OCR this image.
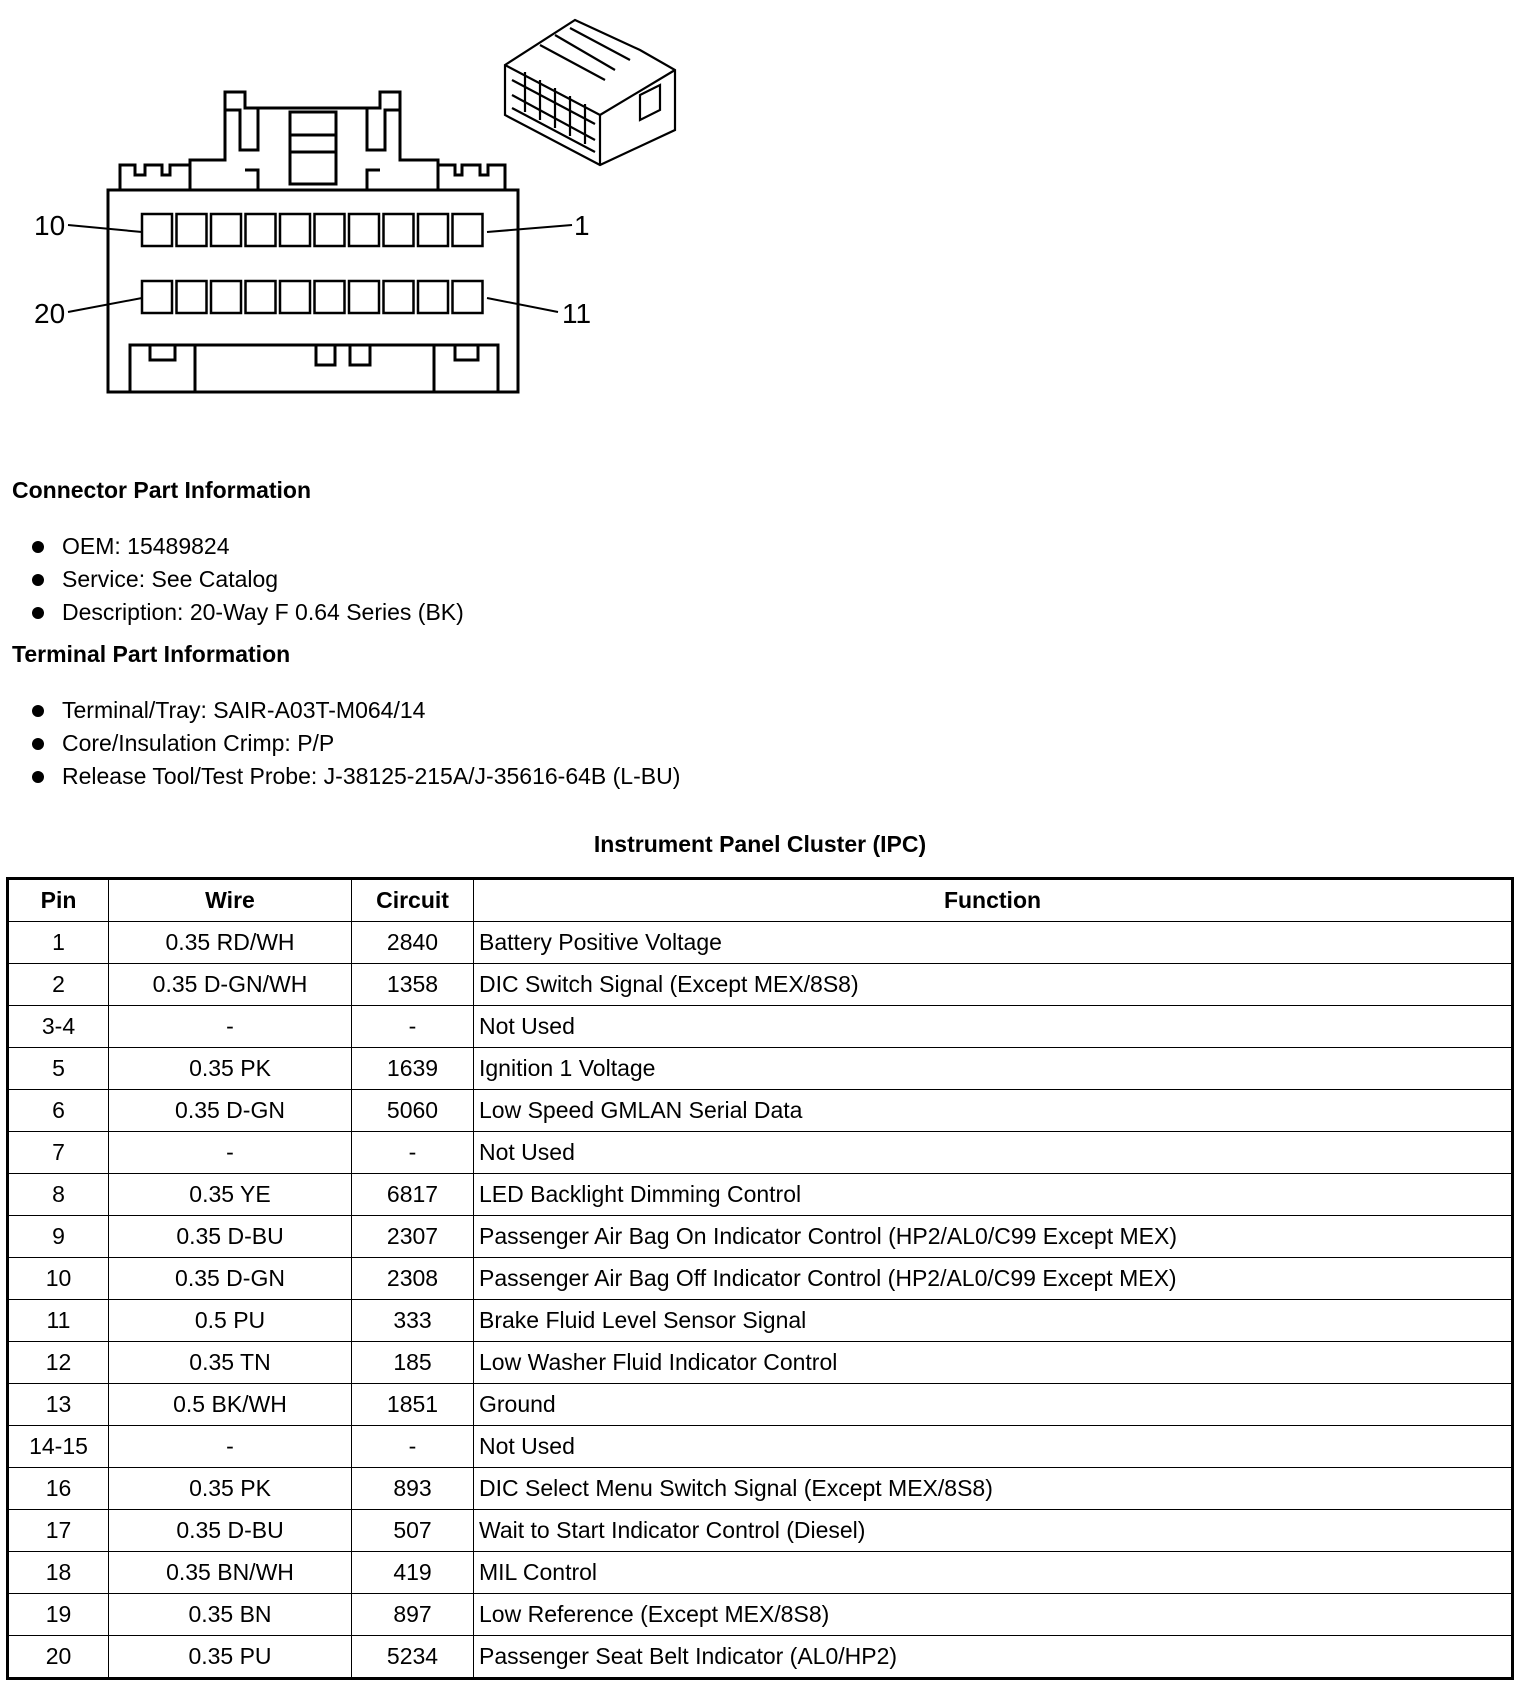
10	1
20	11
Connector Part Information
OEM: 15489824
Service: See Catalog
Description: 20-Way F 0.64 Series (BK)
Terminal Part Information
Terminal/Tray: SAIR-A03T-M064/14
Core/Insulation Crimp: P/P
Release Tool/Test Probe: J-38125-215A/J-35616-64B (L-BU)
Instrument Panel Cluster (IPC)
Pin	Wire	Circuit	Function
1	0.35 RD/WH	2840	Battery Positive Voltage
2	0.35 D-GN/WH	1358	DIC Switch Signal (Except MEX/8S8)
3-4	-	-	Not Used
5	0.35 PK	1639	Ignition 1 Voltage
6	0.35 D-GN	5060	Low Speed GMLAN Serial Data
7	-	-	Not Used
8	0.35 YE	6817	LED Backlight Dimming Control
9	0.35 D-BU	2307	Passenger Air Bag On Indicator Control (HP2/AL0/C99 Except MEX)
10	0.35 D-GN	2308	Passenger Air Bag Off Indicator Control (HP2/AL0/C99 Except MEX)
11	0.5 PU	333	Brake Fluid Level Sensor Signal
12	0.35 TN	185	Low Washer Fluid Indicator Control
13	0.5 BK/WH	1851	Ground
14-15	-	-	Not Used
16	0.35 PK	893	DIC Select Menu Switch Signal (Except MEX/8S8)
17	0.35 D-BU	507	Wait to Start Indicator Control (Diesel)
18	0.35 BN/WH	419	MIL Control
19	0.35 BN	897	Low Reference (Except MEX/8S8)
20	0.35 PU	5234	Passenger Seat Belt Indicator (AL0/HP2)
